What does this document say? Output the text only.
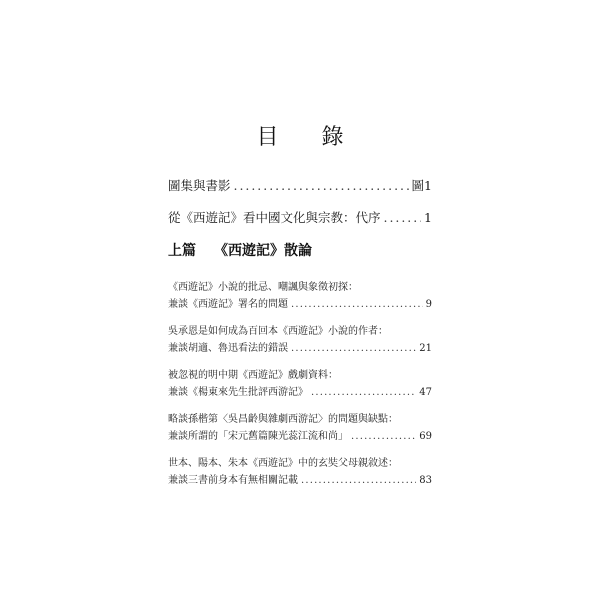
目 錄
圖集與書影 . . .	圖1
從《西遊記》看中國文化與宗教：代序 . . .	1
上篇 《西遊記》散論
《西遊記》小說的批忌、嘲諷與象徵初探：
兼談《西遊記》署名的問題 . . .	9
吳承恩是如何成為百回本《西遊記》小說的作者：
兼談胡適、魯迅看法的錯誤 . . .	21
被忽視的明中期《西遊記》戲劇資料：
兼談《楊東來先生批評西游記》 . . .	47
略談孫楷第〈吳昌齡與雜劇西游記〉的問題與缺點：
兼談所謂的「宋元舊篇陳光蕊江流和尚」 . . .	69
世本、陽本、朱本《西遊記》中的玄奘父母親敘述：
兼談三書前身本有無相關記載 . . .	83
